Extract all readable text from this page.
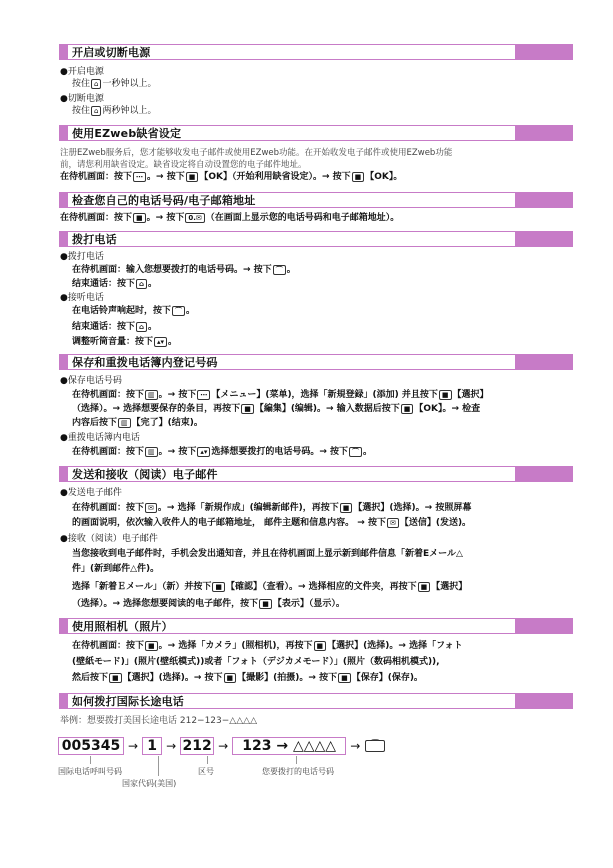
开启或切断电源
●开启电源
按住 ⌂ 一秒钟以上。
●切断电源
按住 ⌂ 两秒钟以上。
使用EZweb缺省设定
注册EZweb服务后，您才能够收发电子邮件或使用EZweb功能。在开始收发电子邮件或使用EZweb功能
前，请您利用缺省设定。缺省设定将自动设置您的电子邮件地址。
在待机画面：按下 ⋯ 。→ 按下 ■ 【OK】（开始利用缺省设定）。→ 按下 ■ 【OK】。
检查您自己的电话号码/电子邮箱地址
在待机画面：按下 ■ 。→ 按下 0.✉ （在画面上显示您的电话号码和电子邮箱地址）。
拨打电话
●拨打电话
在待机画面：输入您想要拨打的电话号码。→ 按下 ⌒ 。
结束通话：按下 ⌂ 。
●接听电话
在电话铃声响起时，按下 ⌒ 。
结束通话：按下 ⌂ 。
调整听筒音量：按下 ▴▾ 。
保存和重拨电话簿内登记号码
●保存电话号码
在待机画面：按下 ▥ 。→ 按下 ⋯ 【メニュー】(菜单)，选择「新規登録」(添加) 并且按下 ■ 【選択】
（选择）。→ 选择想要保存的条目，再按下 ■ 【編集】(编辑)。→ 输入数据后按下 ■ 【OK】。→ 检查
内容后按下 ▥ 【完了】(结束)。
●重拨电话簿内电话
在待机画面：按下 ▥ 。→ 按下 ▴▾ 选择想要拨打的电话号码。→ 按下 ⌒ 。
发送和接收（阅读）电子邮件
●发送电子邮件
在待机画面：按下 ✉ 。→ 选择「新規作成」(编辑新邮件)，再按下 ■ 【選択】(选择)。→ 按照屏幕
的画面说明，依次输入收件人的电子邮箱地址， 邮件主题和信息内容。 → 按下 ✉ 【送信】(发送)。
●接收（阅读）电子邮件
当您接收到电子邮件时，手机会发出通知音，并且在待机画面上显示新到邮件信息「新着Eメール△
件」(新到邮件△件)。
选择「新着Ｅメール」（新）并按下 ■ 【確認】（查看）。→ 选择相应的文件夹，再按下 ■ 【選択】
（选择）。→ 选择您想要阅读的电子邮件，按下 ■ 【表示】（显示）。
使用照相机（照片）
在待机画面：按下 ■ 。→ 选择「カメラ」(照相机)，再按下 ■ 【選択】(选择)。→ 选择「フォト
(壁紙モード)」(照片(壁纸模式))或者「フォト（デジカメモード）」(照片（数码相机模式)),
然后按下 ■ 【選択】(选择)。→ 按下 ■ 【撮影】(拍摄)。→ 按下 ■ 【保存】(保存)。
如何拨打国际长途电话
举例：想要拨打美国长途电话 212−123−△△△△
005345 → 1 → 212 →	123 → △△△△	→	⌒
国际电话呼叫号码
国家代码(美国)
区号	您要拨打的电话号码
